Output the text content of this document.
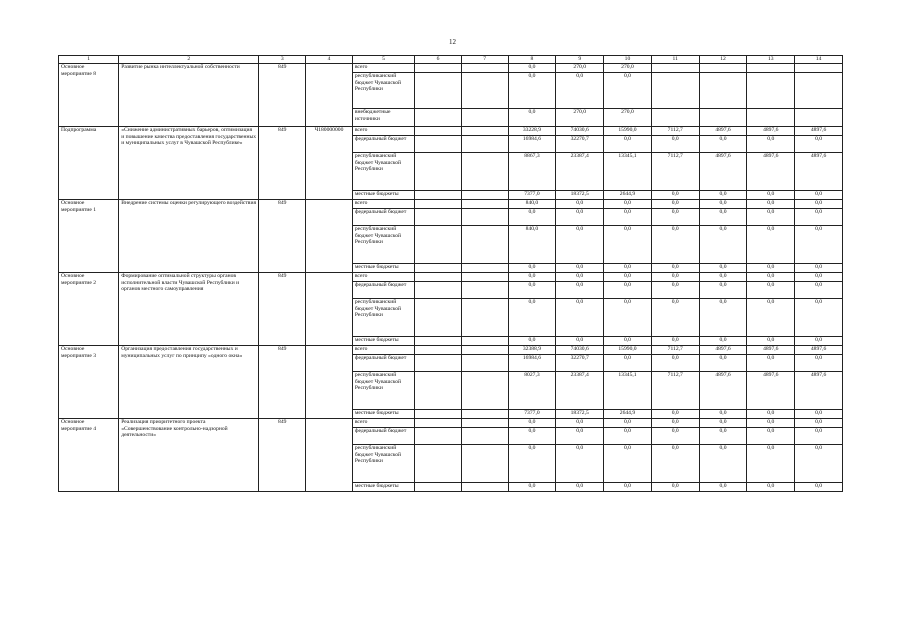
12
1	2	3	4	5	6	7	8	9	10	11	12	13	14
Основное мероприятие 8	Развитие рынка интеллектуальной собственности	849		всего			0,0	270,0	270,0				
				республиканский бюджет Чувашской Республики			0,0	0,0	0,0				
				внебюджетные источники			0,0	270,0	270,0				
Подпрограмма	«Снижение административных барьеров, оптимизация и повышение качества предоставления государственных и муниципальных услуг в Чувашской Республике»	849	Ч180000000	всего			33228,9	74030,6	15990,0	7112,7	4897,6	4897,6	4897,6
				федеральный бюджет			16984,6	32270,7	0,0	0,0	0,0	0,0	0,0
				республиканский бюджет Чувашской Республики			8867,3	23387,4	13345,1	7112,7	4897,6	4897,6	4897,6
				местные бюджеты			7377,0	18372,5	2644,9	0,0	0,0	0,0	0,0
Основное мероприятие 1	Внедрение системы оценки регулирующего воздействия	849		всего			840,0	0,0	0,0	0,0	0,0	0,0	0,0
				федеральный бюджет			0,0	0,0	0,0	0,0	0,0	0,0	0,0
				республиканский бюджет Чувашской Республики			840,0	0,0	0,0	0,0	0,0	0,0	0,0
				местные бюджеты			0,0	0,0	0,0	0,0	0,0	0,0	0,0
Основное мероприятие 2	Формирование оптимальной структуры органов исполнительной власти Чувашской Республики и органов местного самоуправления	849		всего			0,0	0,0	0,0	0,0	0,0	0,0	0,0
				федеральный бюджет			0,0	0,0	0,0	0,0	0,0	0,0	0,0
				республиканский бюджет Чувашской Республики			0,0	0,0	0,0	0,0	0,0	0,0	0,0
				местные бюджеты			0,0	0,0	0,0	0,0	0,0	0,0	0,0
Основное мероприятие 3	Организация предоставления государственных и муниципальных услуг по принципу «одного окна»	849		всего			32388,9	74030,6	15990,0	7112,7	4897,6	4897,6	4897,6
				федеральный бюджет			16984,6	32270,7	0,0	0,0	0,0	0,0	0,0
				республиканский бюджет Чувашской Республики			8027,3	23387,4	13345,1	7112,7	4897,6	4897,6	4897,6
				местные бюджеты			7377,0	18372,5	2644,9	0,0	0,0	0,0	0,0
Основное мероприятие 4	Реализация приоритетного проекта «Совершенствование контрольно-надзорной деятельности»	849		всего			0,0	0,0	0,0	0,0	0,0	0,0	0,0
				федеральный бюджет			0,0	0,0	0,0	0,0	0,0	0,0	0,0
				республиканский бюджет Чувашской Республики			0,0	0,0	0,0	0,0	0,0	0,0	0,0
				местные бюджеты			0,0	0,0	0,0	0,0	0,0	0,0	0,0
